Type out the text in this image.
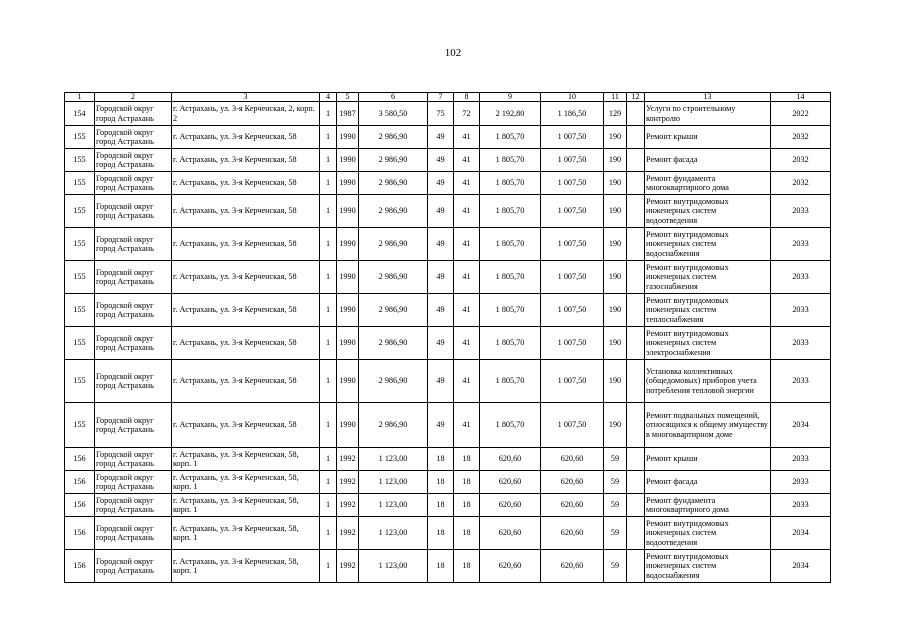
102
1	2	3	4	5	6	7	8	9	10	11	12	13	14
154	Городской округ город Астрахань	г. Астрахань, ул. 3-я Керченская, 2, корп. 2	1	1987	3 580,50	75	72	2 192,80	1 186,50	129		Услуги по строительному контролю	2022
155	Городской округ город Астрахань	г. Астрахань, ул. 3-я Керченская, 58	1	1990	2 986,90	49	41	1 805,70	1 007,50	190		Ремонт крыши	2032
155	Городской округ город Астрахань	г. Астрахань, ул. 3-я Керченская, 58	1	1990	2 986,90	49	41	1 805,70	1 007,50	190		Ремонт фасада	2032
155	Городской округ город Астрахань	г. Астрахань, ул. 3-я Керченская, 58	1	1990	2 986,90	49	41	1 805,70	1 007,50	190		Ремонт фундамента многоквартирного дома	2032
155	Городской округ город Астрахань	г. Астрахань, ул. 3-я Керченская, 58	1	1990	2 986,90	49	41	1 805,70	1 007,50	190		Ремонт внутридомовых инженерных систем водоотведения	2033
155	Городской округ город Астрахань	г. Астрахань, ул. 3-я Керченская, 58	1	1990	2 986,90	49	41	1 805,70	1 007,50	190		Ремонт внутридомовых инженерных систем водоснабжения	2033
155	Городской округ город Астрахань	г. Астрахань, ул. 3-я Керченская, 58	1	1990	2 986,90	49	41	1 805,70	1 007,50	190		Ремонт внутридомовых инженерных систем газоснабжения	2033
155	Городской округ город Астрахань	г. Астрахань, ул. 3-я Керченская, 58	1	1990	2 986,90	49	41	1 805,70	1 007,50	190		Ремонт внутридомовых инженерных систем теплоснабжения	2033
155	Городской округ город Астрахань	г. Астрахань, ул. 3-я Керченская, 58	1	1990	2 986,90	49	41	1 805,70	1 007,50	190		Ремонт внутридомовых инженерных систем электроснабжения	2033
155	Городской округ город Астрахань	г. Астрахань, ул. 3-я Керченская, 58	1	1990	2 986,90	49	41	1 805,70	1 007,50	190		Установка коллективных (общедомовых) приборов учета потребления тепловой энергии	2033
155	Городской округ город Астрахань	г. Астрахань, ул. 3-я Керченская, 58	1	1990	2 986,90	49	41	1 805,70	1 007,50	190		Ремонт подвальных помещений, относящихся к общему имуществу в многоквартирном доме	2034
156	Городской округ город Астрахань	г. Астрахань, ул. 3-я Керченская, 58, корп. 1	1	1992	1 123,00	18	18	620,60	620,60	59		Ремонт крыши	2033
156	Городской округ город Астрахань	г. Астрахань, ул. 3-я Керченская, 58, корп. 1	1	1992	1 123,00	18	18	620,60	620,60	59		Ремонт фасада	2033
156	Городской округ город Астрахань	г. Астрахань, ул. 3-я Керченская, 58, корп. 1	1	1992	1 123,00	18	18	620,60	620,60	59		Ремонт фундамента многоквартирного дома	2033
156	Городской округ город Астрахань	г. Астрахань, ул. 3-я Керченская, 58, корп. 1	1	1992	1 123,00	18	18	620,60	620,60	59		Ремонт внутридомовых инженерных систем водоотведения	2034
156	Городской округ город Астрахань	г. Астрахань, ул. 3-я Керченская, 58, корп. 1	1	1992	1 123,00	18	18	620,60	620,60	59		Ремонт внутридомовых инженерных систем водоснабжения	2034
